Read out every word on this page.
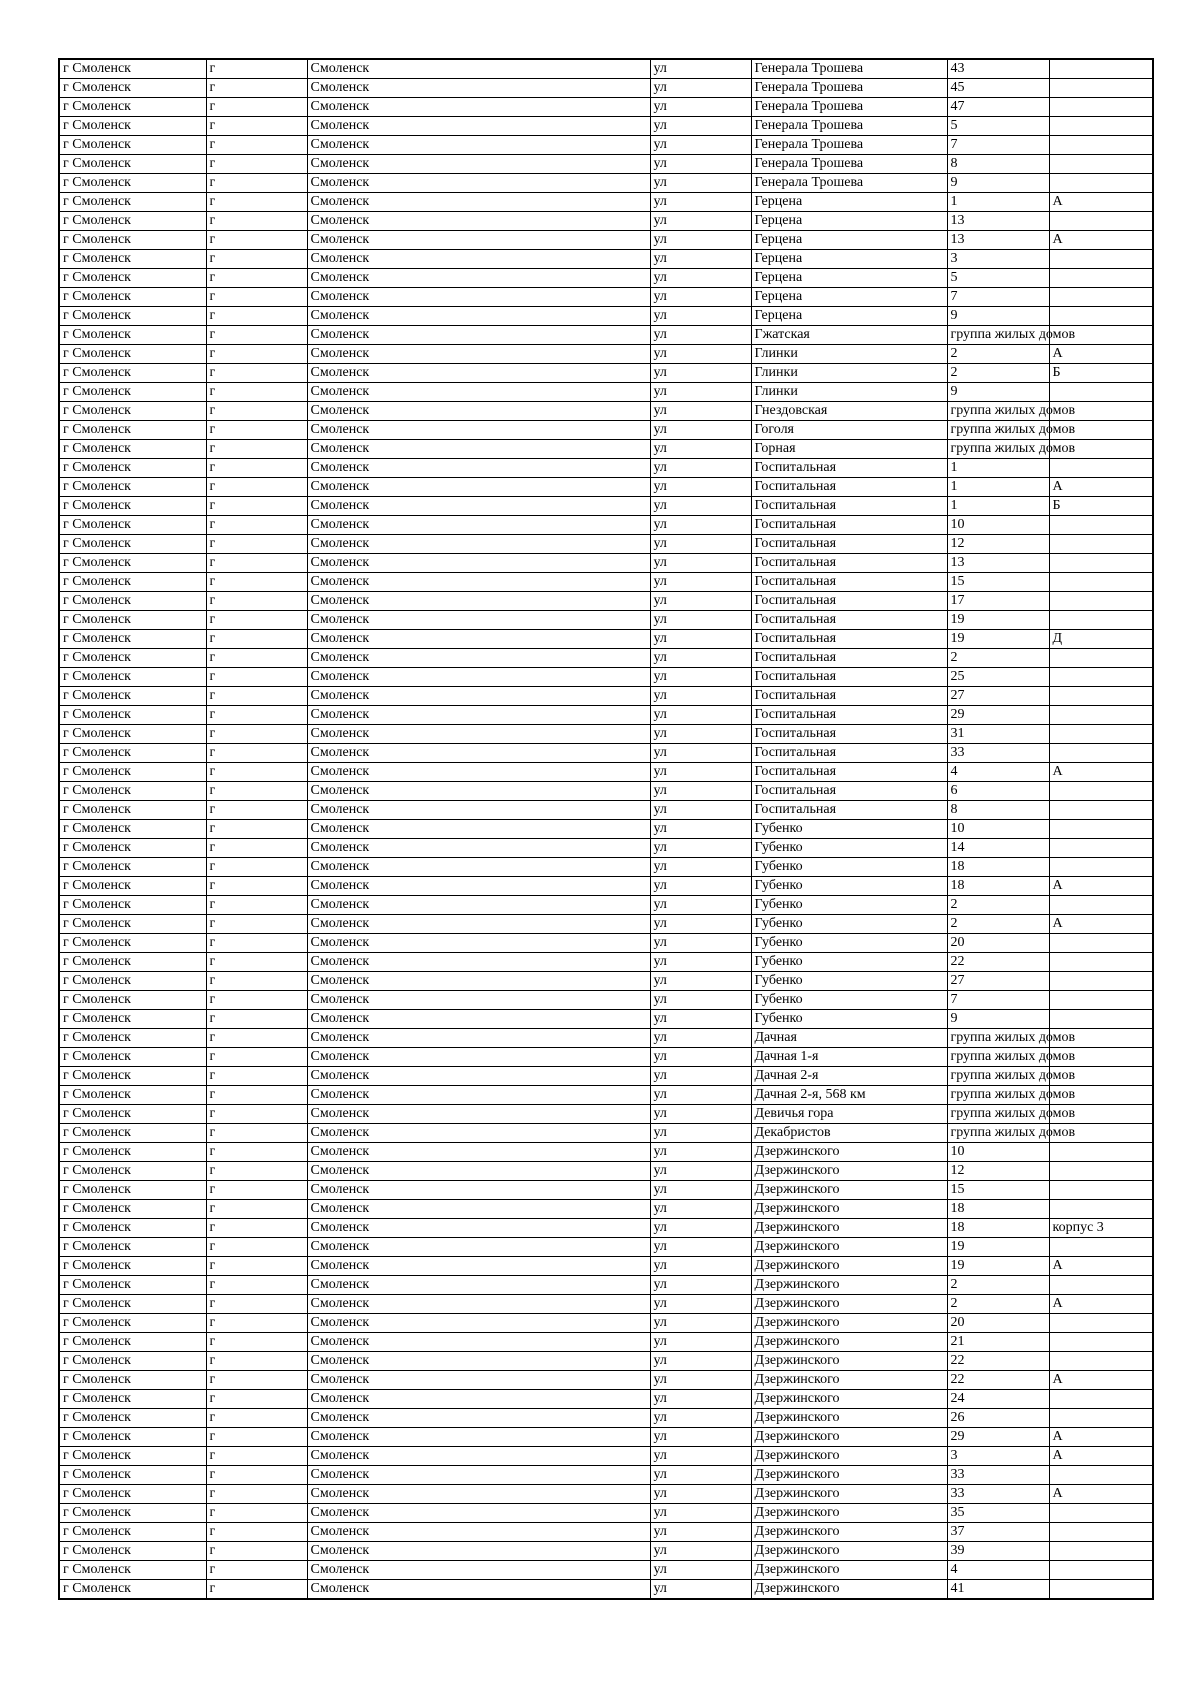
г Смоленск	г	Смоленск	ул	Генерала Трошева	43	
г Смоленск	г	Смоленск	ул	Генерала Трошева	45	
г Смоленск	г	Смоленск	ул	Генерала Трошева	47	
г Смоленск	г	Смоленск	ул	Генерала Трошева	5	
г Смоленск	г	Смоленск	ул	Генерала Трошева	7	
г Смоленск	г	Смоленск	ул	Генерала Трошева	8	
г Смоленск	г	Смоленск	ул	Генерала Трошева	9	
г Смоленск	г	Смоленск	ул	Герцена	1	А
г Смоленск	г	Смоленск	ул	Герцена	13	
г Смоленск	г	Смоленск	ул	Герцена	13	А
г Смоленск	г	Смоленск	ул	Герцена	3	
г Смоленск	г	Смоленск	ул	Герцена	5	
г Смоленск	г	Смоленск	ул	Герцена	7	
г Смоленск	г	Смоленск	ул	Герцена	9	
г Смоленск	г	Смоленск	ул	Гжатская	группа жилых домов	
г Смоленск	г	Смоленск	ул	Глинки	2	А
г Смоленск	г	Смоленск	ул	Глинки	2	Б
г Смоленск	г	Смоленск	ул	Глинки	9	
г Смоленск	г	Смоленск	ул	Гнездовская	группа жилых домов	
г Смоленск	г	Смоленск	ул	Гоголя	группа жилых домов	
г Смоленск	г	Смоленск	ул	Горная	группа жилых домов	
г Смоленск	г	Смоленск	ул	Госпитальная	1	
г Смоленск	г	Смоленск	ул	Госпитальная	1	А
г Смоленск	г	Смоленск	ул	Госпитальная	1	Б
г Смоленск	г	Смоленск	ул	Госпитальная	10	
г Смоленск	г	Смоленск	ул	Госпитальная	12	
г Смоленск	г	Смоленск	ул	Госпитальная	13	
г Смоленск	г	Смоленск	ул	Госпитальная	15	
г Смоленск	г	Смоленск	ул	Госпитальная	17	
г Смоленск	г	Смоленск	ул	Госпитальная	19	
г Смоленск	г	Смоленск	ул	Госпитальная	19	Д
г Смоленск	г	Смоленск	ул	Госпитальная	2	
г Смоленск	г	Смоленск	ул	Госпитальная	25	
г Смоленск	г	Смоленск	ул	Госпитальная	27	
г Смоленск	г	Смоленск	ул	Госпитальная	29	
г Смоленск	г	Смоленск	ул	Госпитальная	31	
г Смоленск	г	Смоленск	ул	Госпитальная	33	
г Смоленск	г	Смоленск	ул	Госпитальная	4	А
г Смоленск	г	Смоленск	ул	Госпитальная	6	
г Смоленск	г	Смоленск	ул	Госпитальная	8	
г Смоленск	г	Смоленск	ул	Губенко	10	
г Смоленск	г	Смоленск	ул	Губенко	14	
г Смоленск	г	Смоленск	ул	Губенко	18	
г Смоленск	г	Смоленск	ул	Губенко	18	А
г Смоленск	г	Смоленск	ул	Губенко	2	
г Смоленск	г	Смоленск	ул	Губенко	2	А
г Смоленск	г	Смоленск	ул	Губенко	20	
г Смоленск	г	Смоленск	ул	Губенко	22	
г Смоленск	г	Смоленск	ул	Губенко	27	
г Смоленск	г	Смоленск	ул	Губенко	7	
г Смоленск	г	Смоленск	ул	Губенко	9	
г Смоленск	г	Смоленск	ул	Дачная	группа жилых домов	
г Смоленск	г	Смоленск	ул	Дачная 1-я	группа жилых домов	
г Смоленск	г	Смоленск	ул	Дачная 2-я	группа жилых домов	
г Смоленск	г	Смоленск	ул	Дачная 2-я, 568 км	группа жилых домов	
г Смоленск	г	Смоленск	ул	Девичья гора	группа жилых домов	
г Смоленск	г	Смоленск	ул	Декабристов	группа жилых домов	
г Смоленск	г	Смоленск	ул	Дзержинского	10	
г Смоленск	г	Смоленск	ул	Дзержинского	12	
г Смоленск	г	Смоленск	ул	Дзержинского	15	
г Смоленск	г	Смоленск	ул	Дзержинского	18	
г Смоленск	г	Смоленск	ул	Дзержинского	18	корпус 3
г Смоленск	г	Смоленск	ул	Дзержинского	19	
г Смоленск	г	Смоленск	ул	Дзержинского	19	А
г Смоленск	г	Смоленск	ул	Дзержинского	2	
г Смоленск	г	Смоленск	ул	Дзержинского	2	А
г Смоленск	г	Смоленск	ул	Дзержинского	20	
г Смоленск	г	Смоленск	ул	Дзержинского	21	
г Смоленск	г	Смоленск	ул	Дзержинского	22	
г Смоленск	г	Смоленск	ул	Дзержинского	22	А
г Смоленск	г	Смоленск	ул	Дзержинского	24	
г Смоленск	г	Смоленск	ул	Дзержинского	26	
г Смоленск	г	Смоленск	ул	Дзержинского	29	А
г Смоленск	г	Смоленск	ул	Дзержинского	3	А
г Смоленск	г	Смоленск	ул	Дзержинского	33	
г Смоленск	г	Смоленск	ул	Дзержинского	33	А
г Смоленск	г	Смоленск	ул	Дзержинского	35	
г Смоленск	г	Смоленск	ул	Дзержинского	37	
г Смоленск	г	Смоленск	ул	Дзержинского	39	
г Смоленск	г	Смоленск	ул	Дзержинского	4	
г Смоленск	г	Смоленск	ул	Дзержинского	41	
